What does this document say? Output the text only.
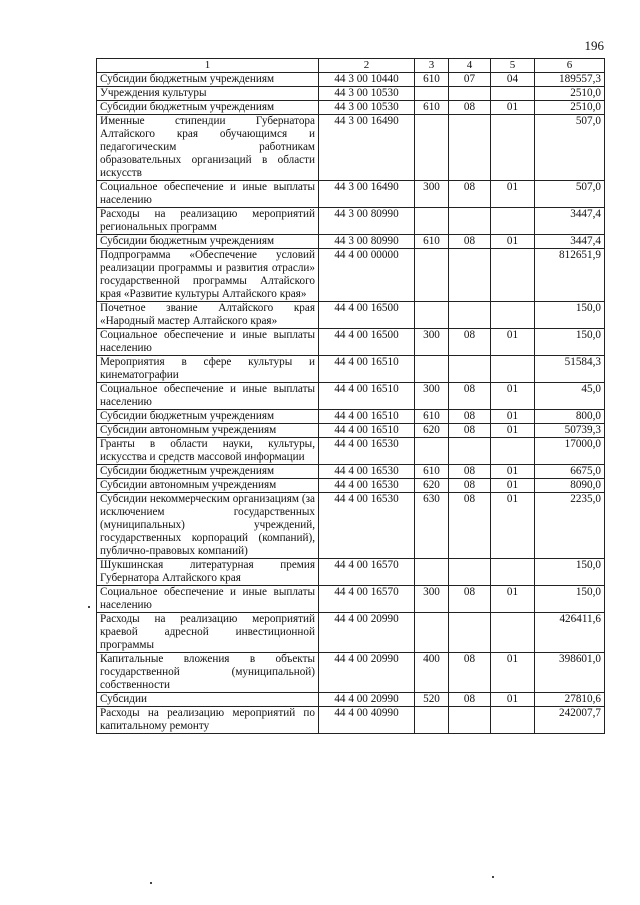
196
1	2	3	4	5	6
Субсидии бюджетным учреждениям	44 3 00 10440	610	07	04	189557,3
Учреждения культуры	44 3 00 10530				2510,0
Субсидии бюджетным учреждениям	44 3 00 10530	610	08	01	2510,0
Именные стипендии Губернатора Алтайского края обучающимся и педагогическим работникам образовательных организаций в области искусств	44 3 00 16490				507,0
Социальное обеспечение и иные выплаты населению	44 3 00 16490	300	08	01	507,0
Расходы на реализацию мероприятий региональных программ	44 3 00 80990				3447,4
Субсидии бюджетным учреждениям	44 3 00 80990	610	08	01	3447,4
Подпрограмма «Обеспечение условий реализации программы и развития отрасли» государственной программы Алтайского края «Развитие культуры Алтайского края»	44 4 00 00000				812651,9
Почетное звание Алтайского края «Народный мастер Алтайского края»	44 4 00 16500				150,0
Социальное обеспечение и иные выплаты населению	44 4 00 16500	300	08	01	150,0
Мероприятия в сфере культуры и кинематографии	44 4 00 16510				51584,3
Социальное обеспечение и иные выплаты населению	44 4 00 16510	300	08	01	45,0
Субсидии бюджетным учреждениям	44 4 00 16510	610	08	01	800,0
Субсидии автономным учреждениям	44 4 00 16510	620	08	01	50739,3
Гранты в области науки, культуры, искусства и средств массовой информации	44 4 00 16530				17000,0
Субсидии бюджетным учреждениям	44 4 00 16530	610	08	01	6675,0
Субсидии автономным учреждениям	44 4 00 16530	620	08	01	8090,0
Субсидии некоммерческим организациям (за исключением государственных (муниципальных) учреждений, государственных корпораций (компаний), публично-правовых компаний)	44 4 00 16530	630	08	01	2235,0
Шукшинская литературная премия Губернатора Алтайского края	44 4 00 16570				150,0
Социальное обеспечение и иные выплаты населению	44 4 00 16570	300	08	01	150,0
Расходы на реализацию мероприятий краевой адресной инвестиционной программы	44 4 00 20990				426411,6
Капитальные вложения в объекты государственной (муниципальной) собственности	44 4 00 20990	400	08	01	398601,0
Субсидии	44 4 00 20990	520	08	01	27810,6
Расходы на реализацию мероприятий по капитальному ремонту	44 4 00 40990				242007,7
